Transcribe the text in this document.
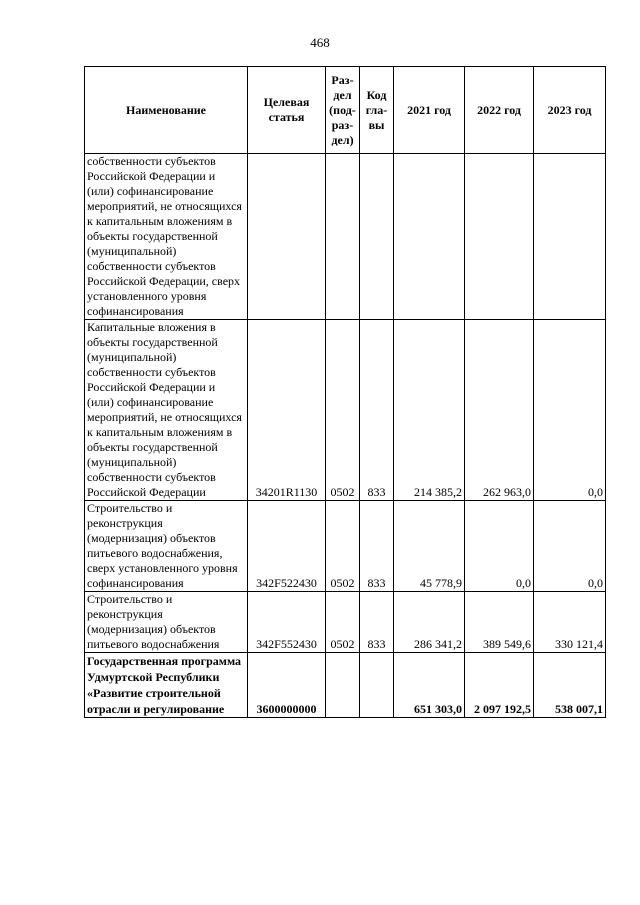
468
Наименование	Целевая статья	Раз-дел (под-раз-дел)	Код гла-вы	2021 год	2022 год	2023 год
собственности субъектов Российской Федерации и (или) софинансирование мероприятий, не относящихся к капитальным вложениям в объекты государственной (муниципальной) собственности субъектов Российской Федерации, сверх установленного уровня софинансирования						
Капитальные вложения в объекты государственной (муниципальной) собственности субъектов Российской Федерации и (или) софинансирование мероприятий, не относящихся к капитальным вложениям в объекты государственной (муниципальной) собственности субъектов Российской Федерации	34201R1130	0502	833	214 385,2	262 963,0	0,0
Строительство и реконструкция (модернизация) объектов питьевого водоснабжения, сверх установленного уровня софинансирования	342F522430	0502	833	45 778,9	0,0	0,0
Строительство и реконструкция (модернизация) объектов питьевого водоснабжения	342F552430	0502	833	286 341,2	389 549,6	330 121,4
Государственная программа Удмуртской Республики «Развитие строительной отрасли и регулирование	3600000000			651 303,0	2 097 192,5	538 007,1
